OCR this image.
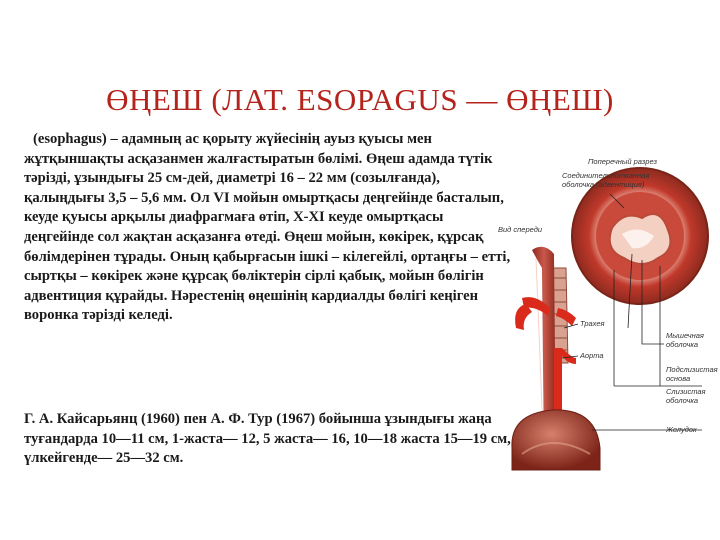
ӨҢЕШ (ЛАТ. ESOPAGUS — ӨҢЕШ)

(esophagus) – адамның ас қорыту жүйесінің ауыз қуысы мен жұтқыншақты асқазанмен жалғастыратын бөлімі. Өңеш адамда түтік тәрізді, ұзындығы 25 см-дей, диаметрі 16 – 22 мм (созылғанда), қалыңдығы 3,5 – 5,6 мм. Ол VI мойын омыртқасы деңгейінде басталып, кеуде қуысы арқылы диафрагмаға өтіп, X-XI кеуде омыртқасы деңгейінде сол жақтан асқазанға өтеді. Өңеш мойын, көкірек, құрсақ бөлімдерінен тұрады. Оның қабырғасын ішкі – кілегейлі, ортаңғы – етті, сыртқы – көкірек және құрсақ бөліктерін сірлі қабық, мойын бөлігін адвентиция құрайды. Нәрестенің өңешінің кардиалды бөлігі кеңіген воронка тәрізді келеді.

Г. А. Кайсарьянц (1960) пен А. Ф. Тур (1967) бойынша ұзындығы жаңа туғандарда 10—11 см, 1-жаста— 12, 5 жаста— 16, 10—18 жаста 15—19 см, үлкейгенде— 25—32 см.

Поперечный разрез
Соединительнотканная
оболочка (адвентиция)
Вид спереди
Трахея
Аорта
Мышечная
оболочка
Подслизистая
основа
Слизистая
оболочка
Желудок
